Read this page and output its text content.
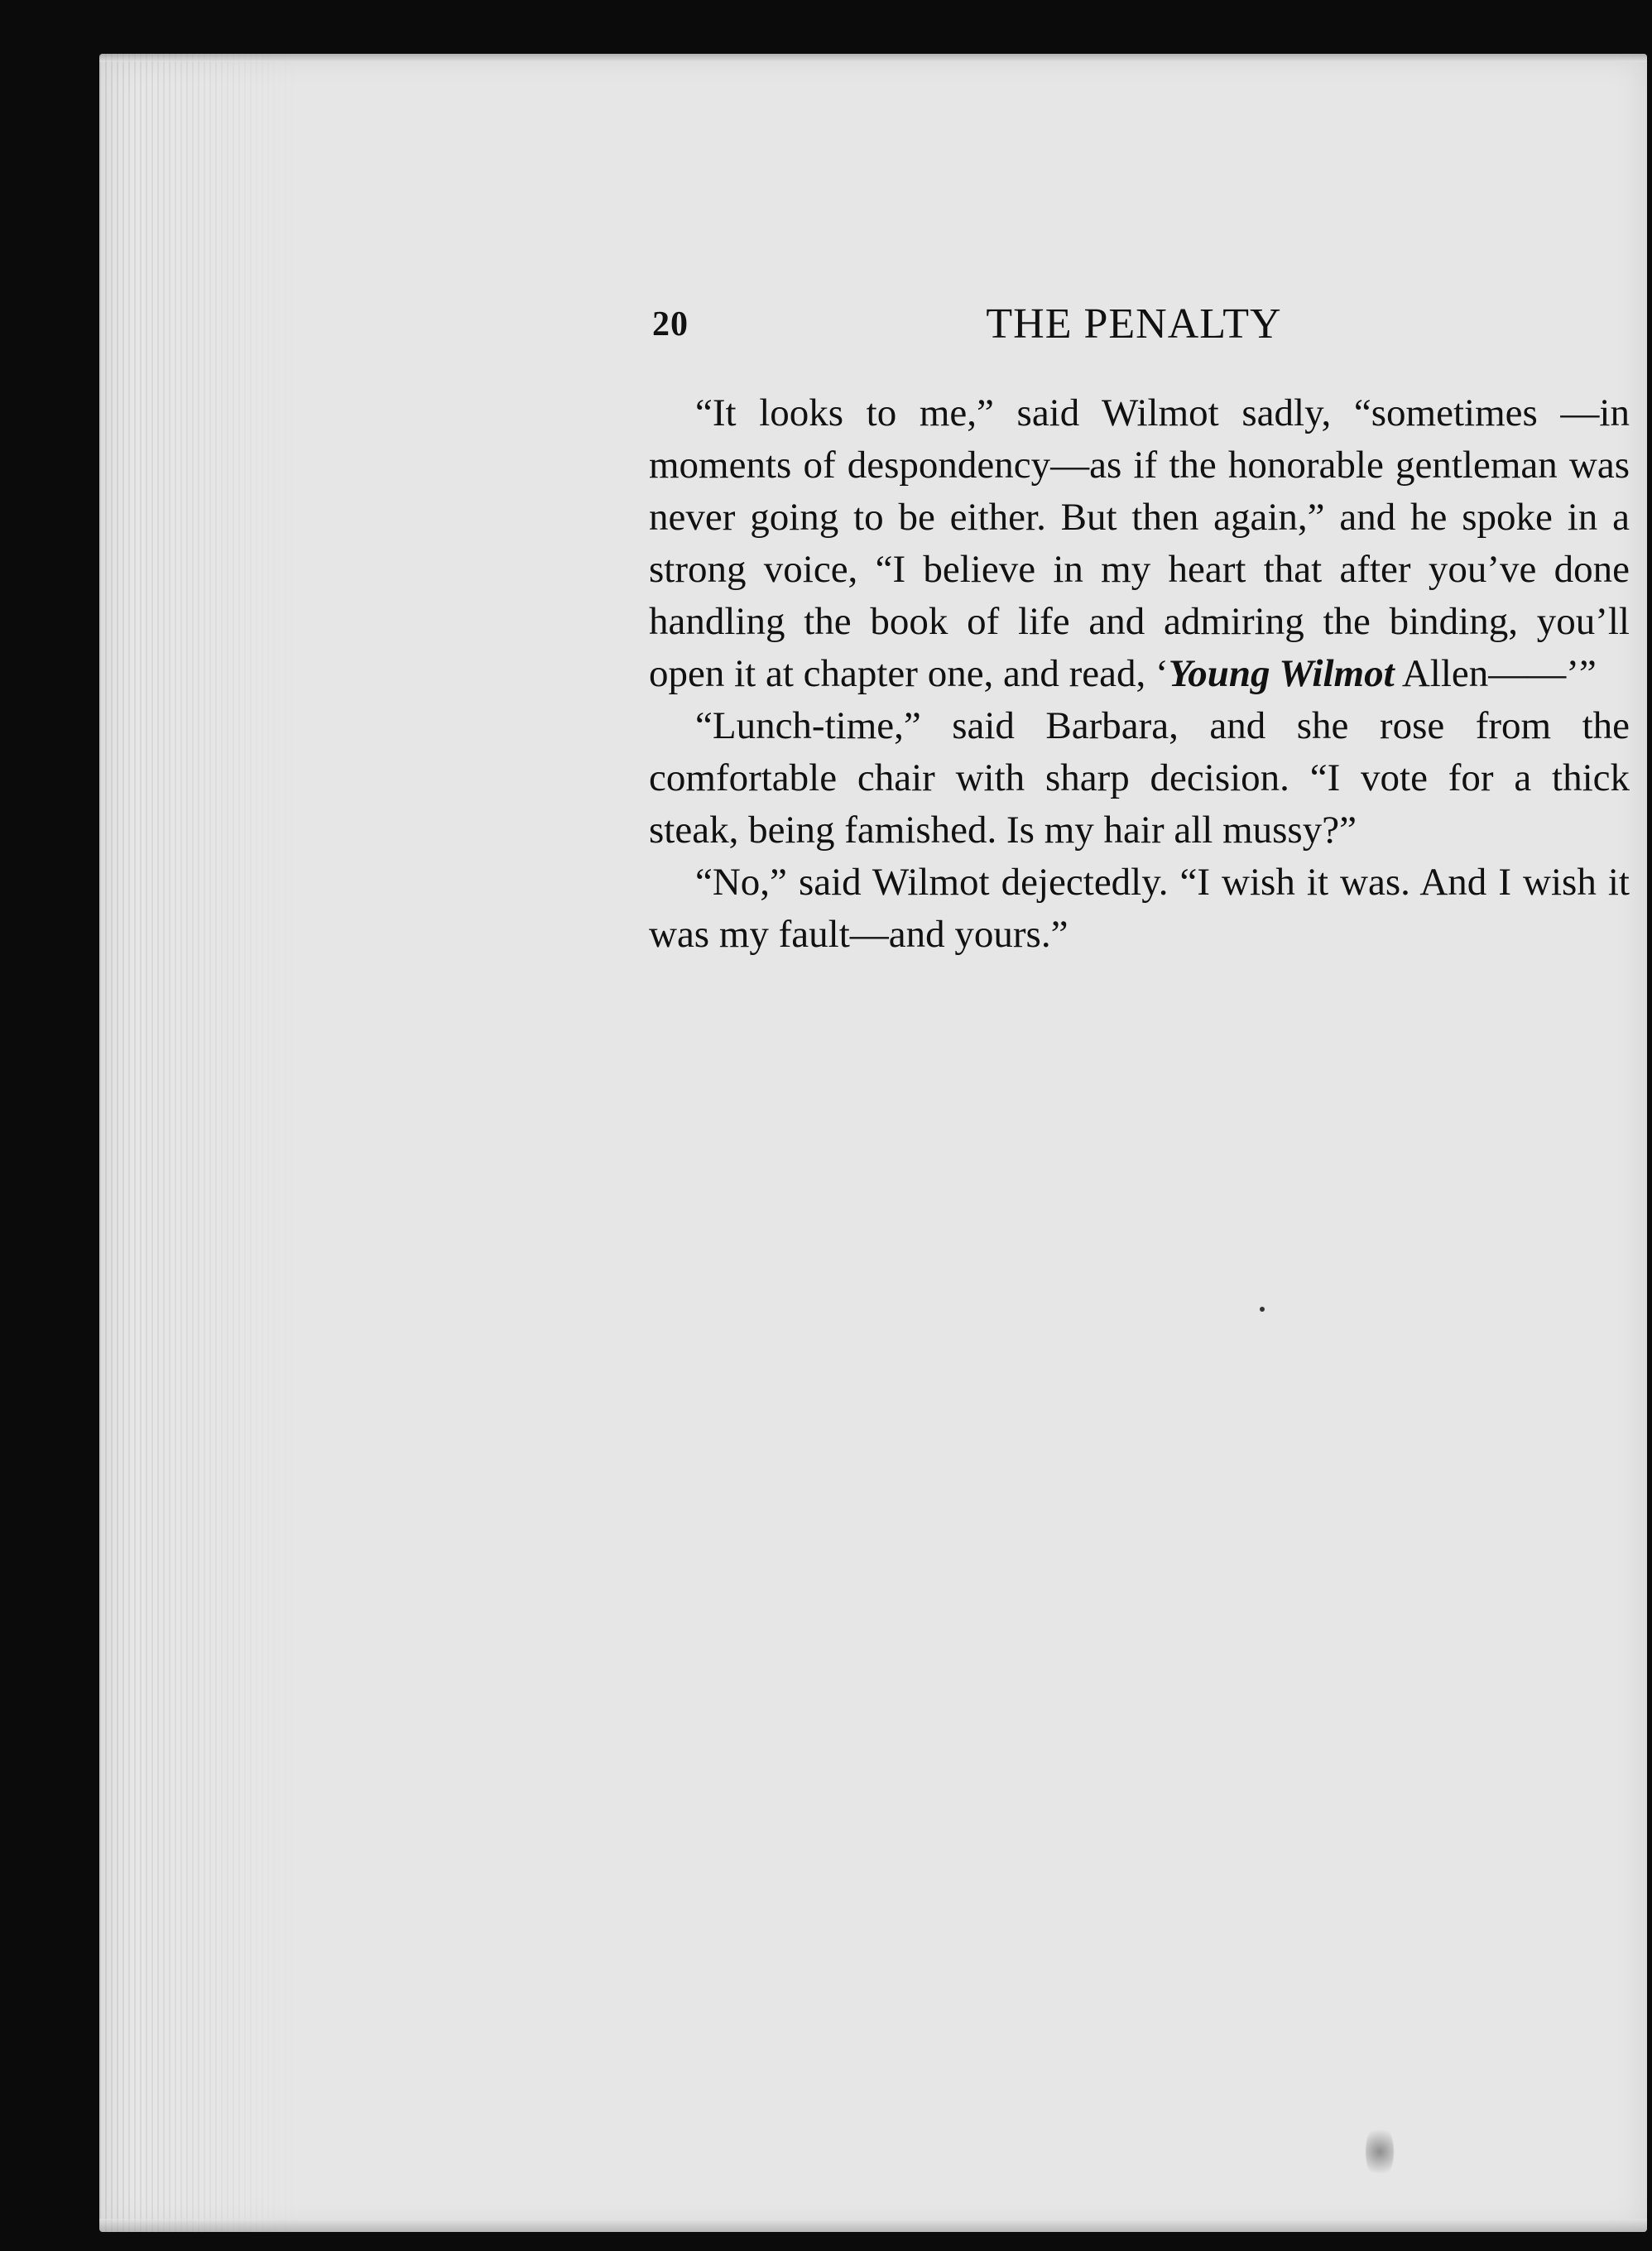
20	THE PENALTY

“It looks to me,” said Wilmot sadly, “sometimes —in moments of despondency—as if the honorable gentleman was never going to be either. But then again,” and he spoke in a strong voice, “I believe in my heart that after you’ve done handling the book of life and admiring the binding, you’ll open it at chapter one, and read, ‘Young Wilmot Allen——’”

“Lunch-time,” said Barbara, and she rose from the comfortable chair with sharp decision. “I vote for a thick steak, being famished. Is my hair all mussy?”

“No,” said Wilmot dejectedly. “I wish it was. And I wish it was my fault—and yours.”
